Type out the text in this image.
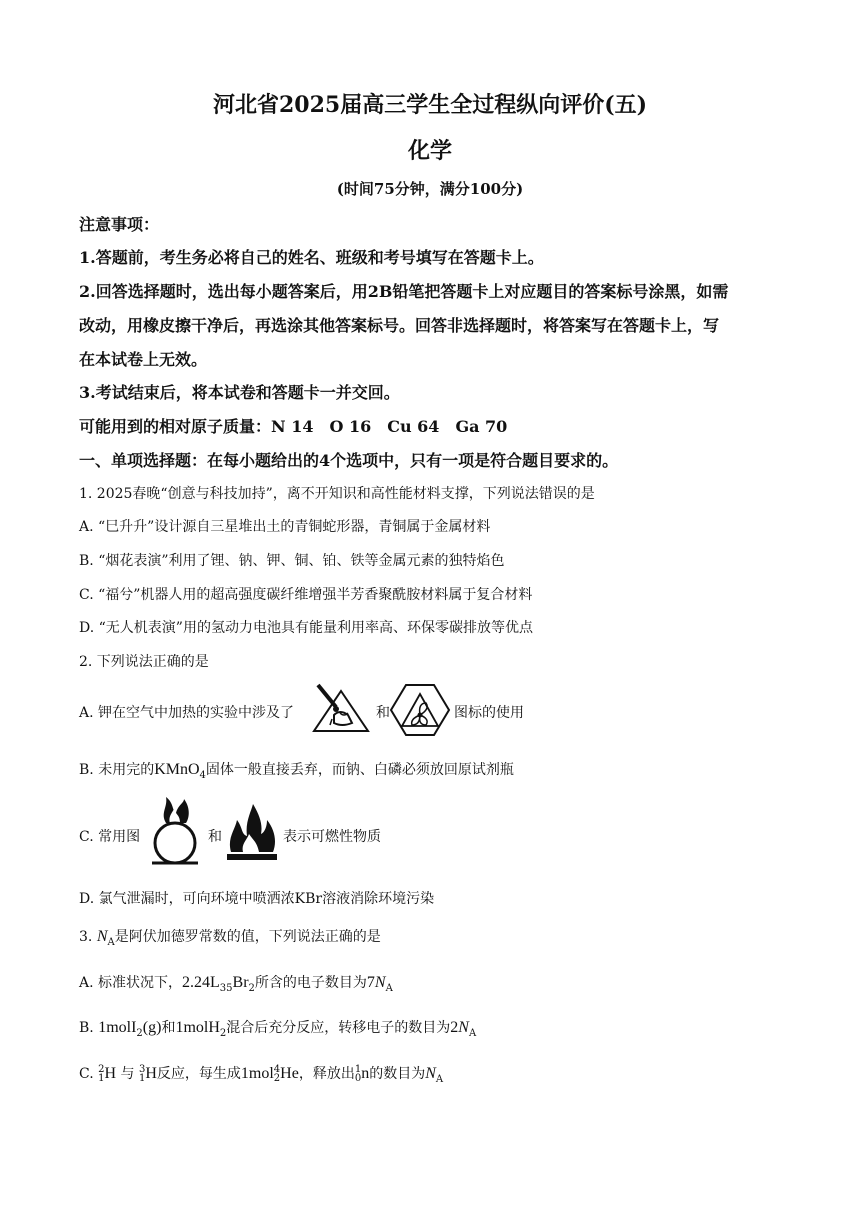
河北省2025届高三学生全过程纵向评价(五)
化学
(时间75分钟，满分100分)
注意事项：
1.答题前，考生务必将自己的姓名、班级和考号填写在答题卡上。
2.回答选择题时，选出每小题答案后，用2B铅笔把答题卡上对应题目的答案标号涂黑，如需
改动，用橡皮擦干净后，再选涂其他答案标号。回答非选择题时，将答案写在答题卡上，写
在本试卷上无效。
3.考试结束后，将本试卷和答题卡一并交回。
可能用到的相对原子质量：N 14　O 16　Cu 64　Ga 70
一、单项选择题：在每小题给出的4个选项中，只有一项是符合题目要求的。
1. 2025春晚“创意与科技加持”，离不开知识和高性能材料支撑，下列说法错误的是
A. “巳升升”设计源自三星堆出土的青铜蛇形器，青铜属于金属材料
B. “烟花表演”利用了锂、钠、钾、铜、铂、铁等金属元素的独特焰色
C. “福兮”机器人用的超高强度碳纤维增强半芳香聚酰胺材料属于复合材料
D. “无人机表演”用的氢动力电池具有能量利用率高、环保零碳排放等优点
2. 下列说法正确的是
A. 钾在空气中加热的实验中涉及了	和	图标的使用
B. 未用完的KMnO$_4$固体一般直接丢弃，而钠、白磷必须放回原试剂瓶
C. 常用图	和	表示可燃性物质
D. 氯气泄漏时，可向环境中喷洒浓KBr溶液消除环境污染
3. $N_A$是阿伏加德罗常数的值，下列说法正确的是
A. 标准状况下，$2.24L_{35}Br_2$所含的电子数目为$7N_A$
B. 1molI$_2$(g)和1molH$_2$混合后充分反应，转移电子的数目为$2N_A$
C. 2
1H 与 3
1H反应，每生成1mol4
2He，释放出1
0n的数目为$N_A$
